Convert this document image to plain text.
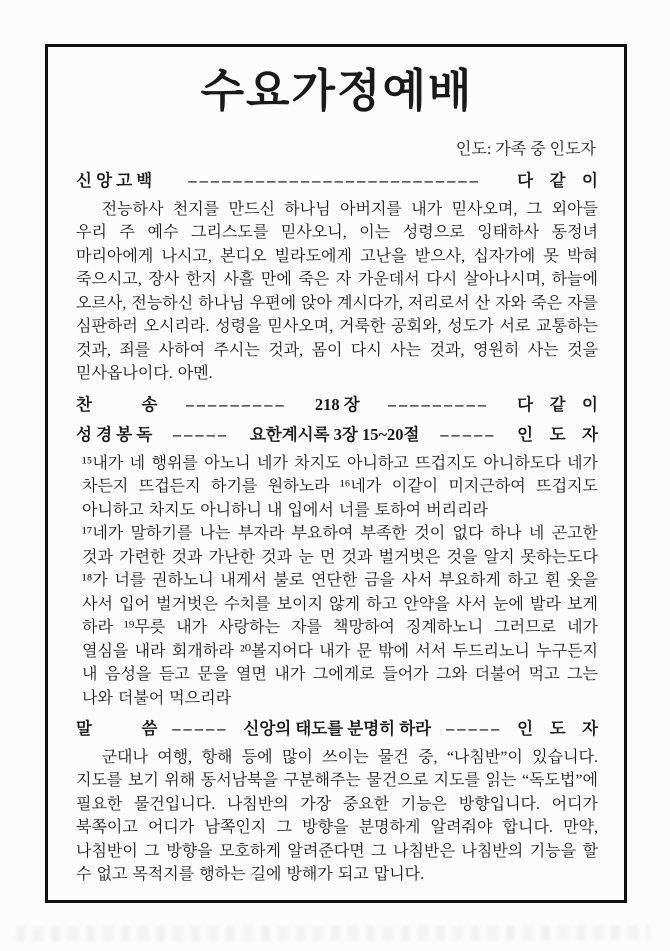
수요가정예배
인도: 가족 중 인도자
신 앙 고 백 –––––––––––––––––––––––––– 다　같　이

전능하사 천지를 만드신 하나님 아버지를 내가 믿사오며, 그 외아들 우리 주 예수 그리스도를 믿사오니, 이는 성령으로 잉태하사 동정녀 마리아에게 나시고, 본디오 빌라도에게 고난을 받으사, 십자가에 못 박혀 죽으시고, 장사 한지 사흘 만에 죽은 자 가운데서 다시 살아나시며, 하늘에 오르사, 전능하신 하나님 우편에 앉아 계시다가, 저리로서 산 자와 죽은 자를 심판하러 오시리라. 성령을 믿사오며, 거룩한 공회와, 성도가 서로 교통하는 것과, 죄를 사하여 주시는 것과, 몸이 다시 사는 것과, 영원히 사는 것을 믿사옵나이다. 아멘.

찬　　　송 ––––––––– 218 장 ––––––––– 다　같　이
성 경 봉 독 ––––– 요한계시록 3장 15~20절 ––––– 인　도　자

¹⁵내가 네 행위를 아노니 네가 차지도 아니하고 뜨겁지도 아니하도다 네가 차든지 뜨겁든지 하기를 원하노라 ¹⁶네가 이같이 미지근하여 뜨겁지도 아니하고 차지도 아니하니 내 입에서 너를 토하여 버리리라

¹⁷네가 말하기를 나는 부자라 부요하여 부족한 것이 없다 하나 네 곤고한 것과 가련한 것과 가난한 것과 눈 먼 것과 벌거벗은 것을 알지 못하는도다 ¹⁸가 너를 권하노니 내게서 불로 연단한 금을 사서 부요하게 하고 흰 옷을 사서 입어 벌거벗은 수치를 보이지 않게 하고 안약을 사서 눈에 발라 보게 하라 ¹⁹무릇 내가 사랑하는 자를 책망하여 징계하노니 그러므로 네가 열심을 내라 회개하라 ²⁰볼지어다 내가 문 밖에 서서 두드리노니 누구든지 내 음성을 듣고 문을 열면 내가 그에게로 들어가 그와 더불어 먹고 그는 나와 더불어 먹으리라

말　　　씀 ––––– 신앙의 태도를 분명히 하라 ––––– 인　도　자

군대나 여행, 항해 등에 많이 쓰이는 물건 중, “나침반”이 있습니다. 지도를 보기 위해 동서남북을 구분해주는 물건으로 지도를 읽는 “독도법”에 필요한 물건입니다. 나침반의 가장 중요한 기능은 방향입니다. 어디가 북쪽이고 어디가 남쪽인지 그 방향을 분명하게 알려줘야 합니다. 만약, 나침반이 그 방향을 모호하게 알려준다면 그 나침반은 나침반의 기능을 할 수 없고 목적지를 행하는 길에 방해가 되고 맙니다.
